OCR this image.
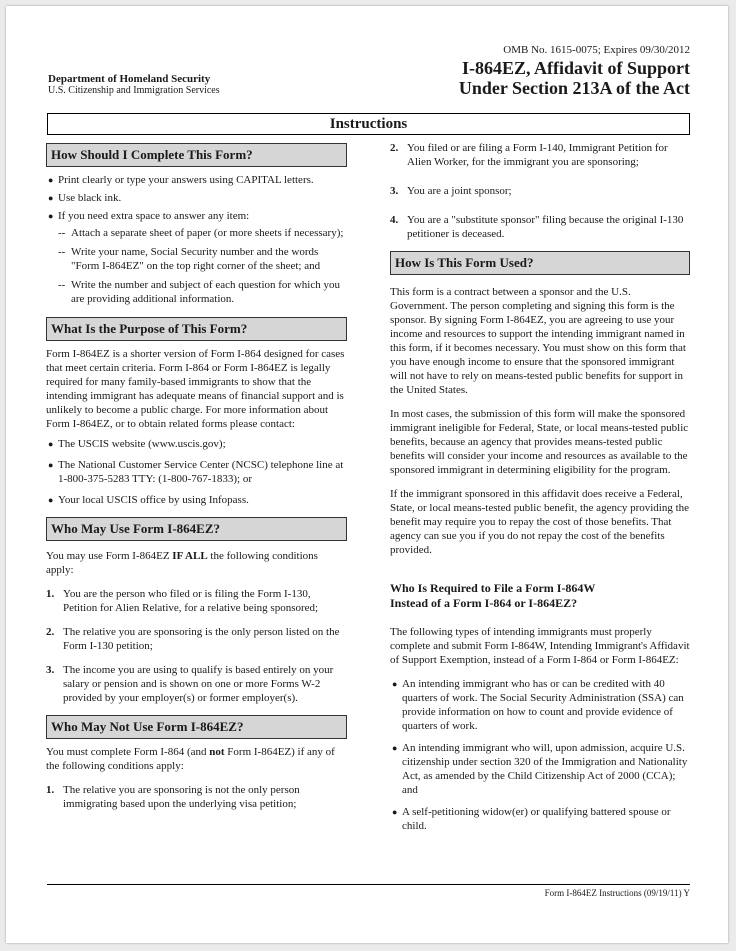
OMB No. 1615-0075; Expires 09/30/2012
Department of Homeland Security
U.S. Citizenship and Immigration Services
I-864EZ, Affidavit of Support
Under Section 213A of the Act
Instructions
How Should I Complete This Form?
● Print clearly or type your answers using CAPITAL letters.
● Use black ink.
● If you need extra space to answer any item:
-- Attach a separate sheet of paper (or more sheets if necessary);
-- Write your name, Social Security number and the words "Form I-864EZ" on the top right corner of the sheet; and
-- Write the number and subject of each question for which you are providing additional information.
What Is the Purpose of This Form?
Form I-864EZ is a shorter version of Form I-864 designed for cases that meet certain criteria. Form I-864 or Form I-864EZ is legally required for many family-based immigrants to show that the intending immigrant has adequate means of financial support and is unlikely to become a public charge. For more information about Form I-864EZ, or to obtain related forms please contact:
● The USCIS website (www.uscis.gov);
● The National Customer Service Center (NCSC) telephone line at 1-800-375-5283 TTY: (1-800-767-1833); or
● Your local USCIS office by using Infopass.
Who May Use Form I-864EZ?
You may use Form I-864EZ IF ALL the following conditions apply:
1. You are the person who filed or is filing the Form I-130, Petition for Alien Relative, for a relative being sponsored;
2. The relative you are sponsoring is the only person listed on the Form I-130 petition;
3. The income you are using to qualify is based entirely on your salary or pension and is shown on one or more Forms W-2 provided by your employer(s) or former employer(s).
Who May Not Use Form I-864EZ?
You must complete Form I-864 (and not Form I-864EZ) if any of the following conditions apply:
1. The relative you are sponsoring is not the only person immigrating based upon the underlying visa petition;
2. You filed or are filing a Form I-140, Immigrant Petition for Alien Worker, for the immigrant you are sponsoring;
3. You are a joint sponsor;
4. You are a "substitute sponsor" filing because the original I-130 petitioner is deceased.
How Is This Form Used?
This form is a contract between a sponsor and the U.S. Government. The person completing and signing this form is the sponsor. By signing Form I-864EZ, you are agreeing to use your income and resources to support the intending immigrant named in this form, if it becomes necessary. You must show on this form that you have enough income to ensure that the sponsored immigrant will not have to rely on means-tested public benefits for support in the United States.
In most cases, the submission of this form will make the sponsored immigrant ineligible for Federal, State, or local means-tested public benefits, because an agency that provides means-tested public benefits will consider your income and resources as available to the sponsored immigrant in determining eligibility for the program.
If the immigrant sponsored in this affidavit does receive a Federal, State, or local means-tested public benefit, the agency providing the benefit may require you to repay the cost of those benefits. That agency can sue you if you do not repay the cost of the benefits provided.
Who Is Required to File a Form I-864W
Instead of a Form I-864 or I-864EZ?
The following types of intending immigrants must properly complete and submit Form I-864W, Intending Immigrant's Affidavit of Support Exemption, instead of a Form I-864 or Form I-864EZ:
● An intending immigrant who has or can be credited with 40 quarters of work. The Social Security Administration (SSA) can provide information on how to count and provide evidence of quarters of work.
● An intending immigrant who will, upon admission, acquire U.S. citizenship under section 320 of the Immigration and Nationality Act, as amended by the Child Citizenship Act of 2000 (CCA); and
● A self-petitioning widow(er) or qualifying battered spouse or child.
Form I-864EZ Instructions (09/19/11) Y
